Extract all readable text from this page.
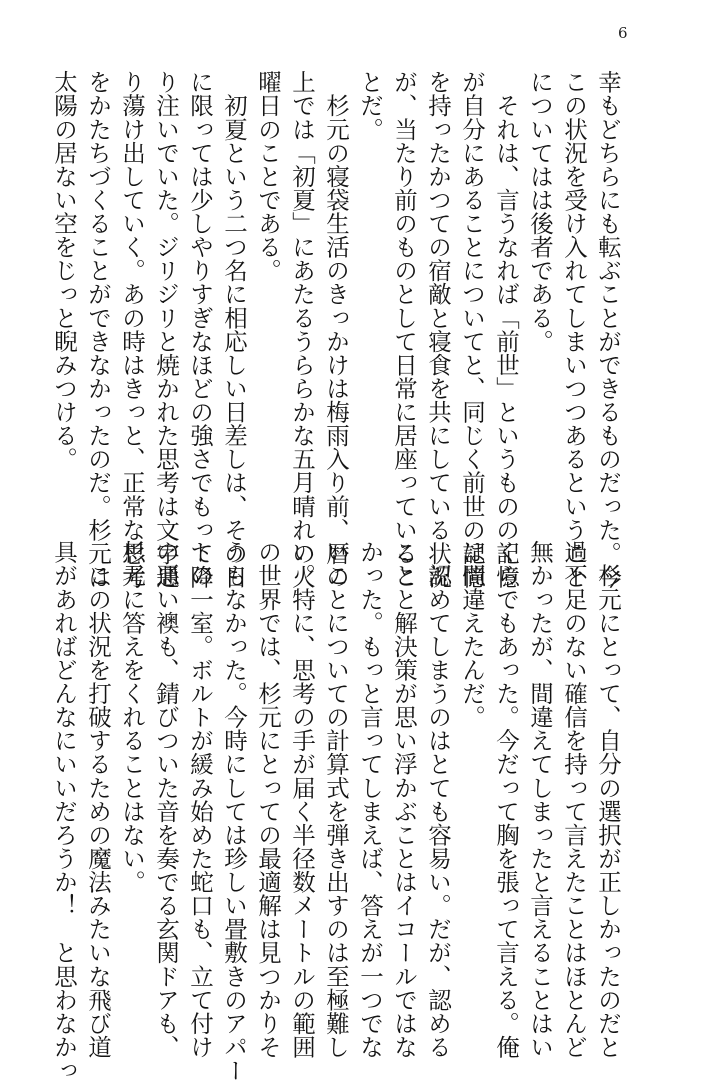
6
幸もどちらにも転ぶことができるものだった。今
この状況を受け入れてしまいつつあるということ
についてはは後者である。
　それは、言うなれば「前世」というものの記憶
が自分にあることについてと、同じく前世の記憶
を持ったかつての宿敵と寝食を共にしている状況
が、当たり前のものとして日常に居座っているこ
とだ。
　杉元の寝袋生活のきっかけは梅雨入り前、暦の
上では「初夏」にあたるうららかな五月晴れの火
曜日のことである。
　初夏という二つ名に相応しい日差しは、その日
に限っては少しやりすぎなほどの強さでもって降
り注いでいた。ジリジリと焼かれた思考は文字通
り蕩け出していく。あの時はきっと、正常な思考
をかたちづくることができなかったのだ。杉元は
太陽の居ない空をじっと睨みつける。
　杉元にとって、自分の選択が正しかったのだと
過不足のない確信を持って言えたことはほとんど
無かったが、間違えてしまったと言えることはい
くらでもあった。今だって胸を張って言える。俺
は間違えたんだ。
　認めてしまうのはとても容易い。だが、認める
ことと解決策が思い浮かぶことはイコールではな
かった。もっと言ってしまえば、答えが一つでな
いことについての計算式を弾き出すのは至極難し
い。特に、思考の手が届く半径数メートルの範囲
の世界では、杉元にとっての最適解は見つかりそ
うもなかった。今時にしては珍しい畳敷きのアパー
トの一室。ボルトが緩み始めた蛇口も、立て付け
の悪い襖も、錆びついた音を奏でる玄関ドアも、
杉元に答えをくれることはない。
　この状況を打破するための魔法みたいな飛び道
具があればどんなにいいだろうか！　と思わなかっ
